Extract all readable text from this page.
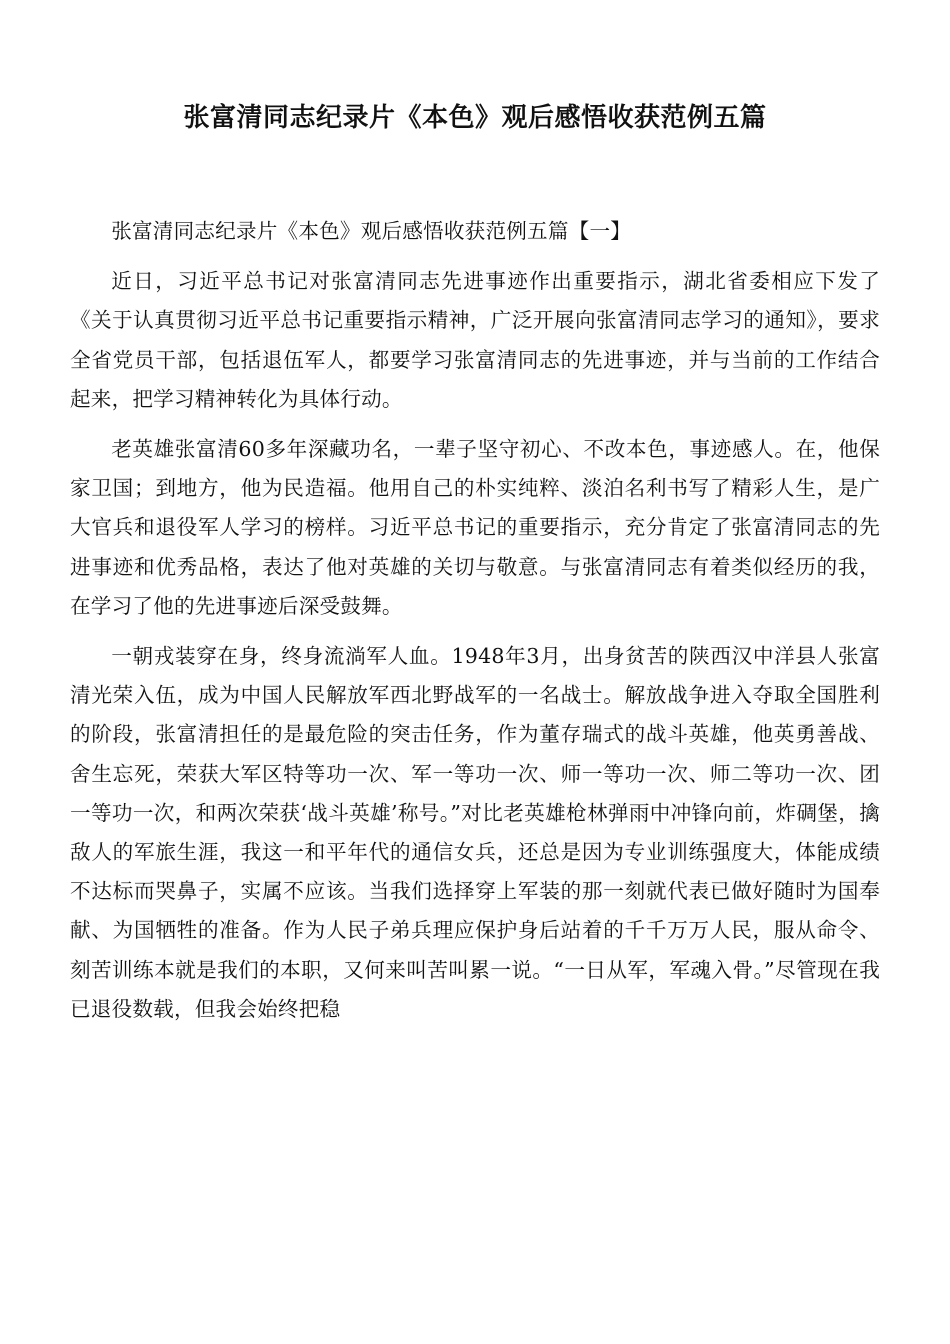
张富清同志纪录片《本色》观后感悟收获范例五篇

张富清同志纪录片《本色》观后感悟收获范例五篇【一】

近日，习近平总书记对张富清同志先进事迹作出重要指示，湖北省委相应下发了《关于认真贯彻习近平总书记重要指示精神，广泛开展向张富清同志学习的通知》，要求全省党员干部，包括退伍军人，都要学习张富清同志的先进事迹，并与当前的工作结合起来，把学习精神转化为具体行动。

老英雄张富清60多年深藏功名，一辈子坚守初心、不改本色，事迹感人。在，他保家卫国；到地方，他为民造福。他用自己的朴实纯粹、淡泊名利书写了精彩人生，是广大官兵和退役军人学习的榜样。习近平总书记的重要指示，充分肯定了张富清同志的先进事迹和优秀品格，表达了他对英雄的关切与敬意。与张富清同志有着类似经历的我，在学习了他的先进事迹后深受鼓舞。

一朝戎装穿在身，终身流淌军人血。1948年3月，出身贫苦的陕西汉中洋县人张富清光荣入伍，成为中国人民解放军西北野战军的一名战士。解放战争进入夺取全国胜利的阶段，张富清担任的是最危险的突击任务，作为董存瑞式的战斗英雄，他英勇善战、舍生忘死，荣获大军区特等功一次、军一等功一次、师一等功一次、师二等功一次、团一等功一次，和两次荣获‘战斗英雄’称号。”对比老英雄枪林弹雨中冲锋向前，炸碉堡，擒敌人的军旅生涯，我这一和平年代的通信女兵，还总是因为专业训练强度大，体能成绩不达标而哭鼻子，实属不应该。当我们选择穿上军装的那一刻就代表已做好随时为国奉献、为国牺牲的准备。作为人民子弟兵理应保护身后站着的千千万万人民，服从命令、刻苦训练本就是我们的本职，又何来叫苦叫累一说。“一日从军，军魂入骨。”尽管现在我已退役数载，但我会始终把稳
